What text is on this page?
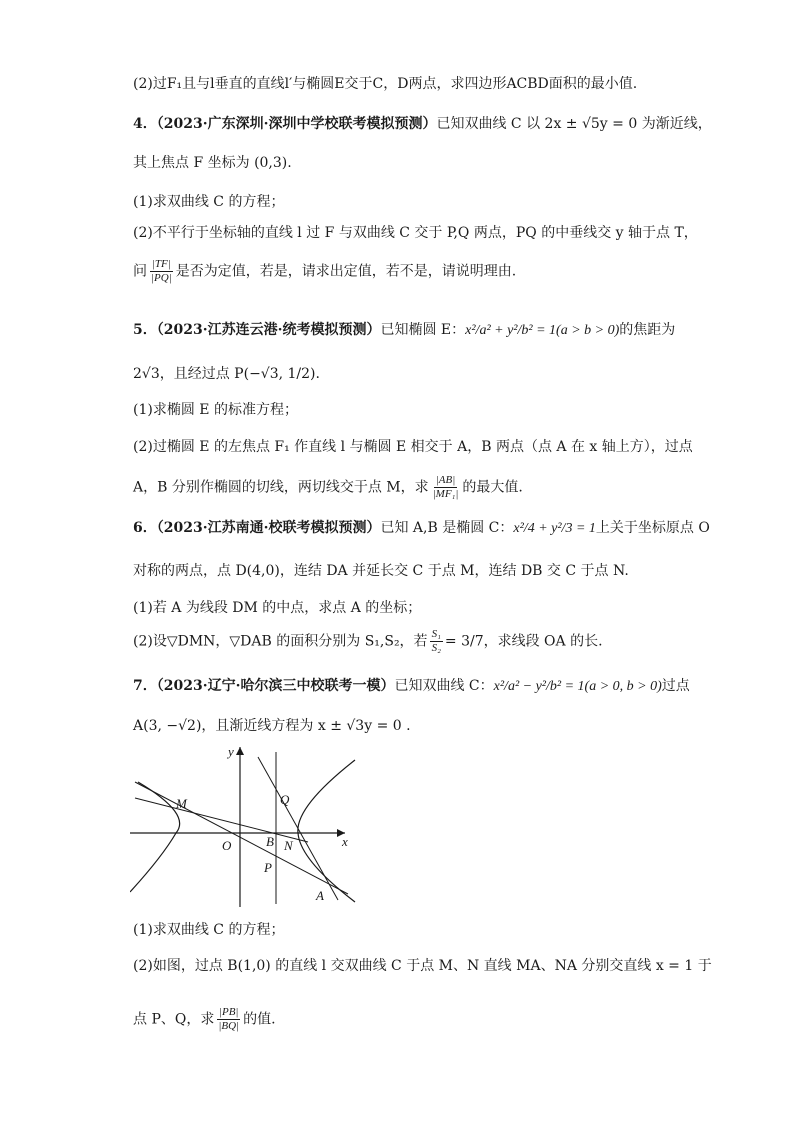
(2)过F₁且与l垂直的直线l′与椭圆E交于C，D两点，求四边形ACBD面积的最小值.
4．（2023·广东深圳·深圳中学校联考模拟预测）已知双曲线 C 以 2x ± √5y = 0 为渐近线，
其上焦点 F 坐标为 (0,3).
(1)求双曲线 C 的方程；
(2)不平行于坐标轴的直线 l 过 F 与双曲线 C 交于 P,Q 两点，PQ 的中垂线交 y 轴于点 T，
问 $\frac{|TF|}{|PQ|}$ 是否为定值，若是，请求出定值，若不是，请说明理由.
5．（2023·江苏连云港·统考模拟预测）已知椭圆 E：x²/a² + y²/b² = 1(a > b > 0)的焦距为
2√3，且经过点 P(−√3, 1/2).
(1)求椭圆 E 的标准方程；
(2)过椭圆 E 的左焦点 F₁ 作直线 l 与椭圆 E 相交于 A，B 两点（点 A 在 x 轴上方），过点
A，B 分别作椭圆的切线，两切线交于点 M，求 $\frac{|AB|}{\text{|MF₁|}}$ 的最大值.
6．（2023·江苏南通·校联考模拟预测）已知 A,B 是椭圆 C：x²/4 + y²/3 = 1上关于坐标原点 O
对称的两点，点 D(4,0)，连结 DA 并延长交 C 于点 M，连结 DB 交 C 于点 N.
(1)若 A 为线段 DM 的中点，求点 A 的坐标；
(2)设▽DMN，▽DAB 的面积分别为 S₁,S₂，若 $\frac{\text{S₁}}{\text{S₂}} = 3/7$，求线段 OA 的长.
7．（2023·辽宁·哈尔滨三中校联考一模）已知双曲线 C：x²/a² − y²/b² = 1(a > 0, b > 0)过点
A(3, −√2)，且渐近线方程为 x ± √3y = 0 .
y
x
O
M
N
B
Q
P
A
(1)求双曲线 C 的方程；
(2)如图，过点 B(1,0) 的直线 l 交双曲线 C 于点 M、N 直线 MA、NA 分别交直线 x = 1 于
点 P、Q，求 $\frac{|PB|}{|BQ|}$ 的值.
